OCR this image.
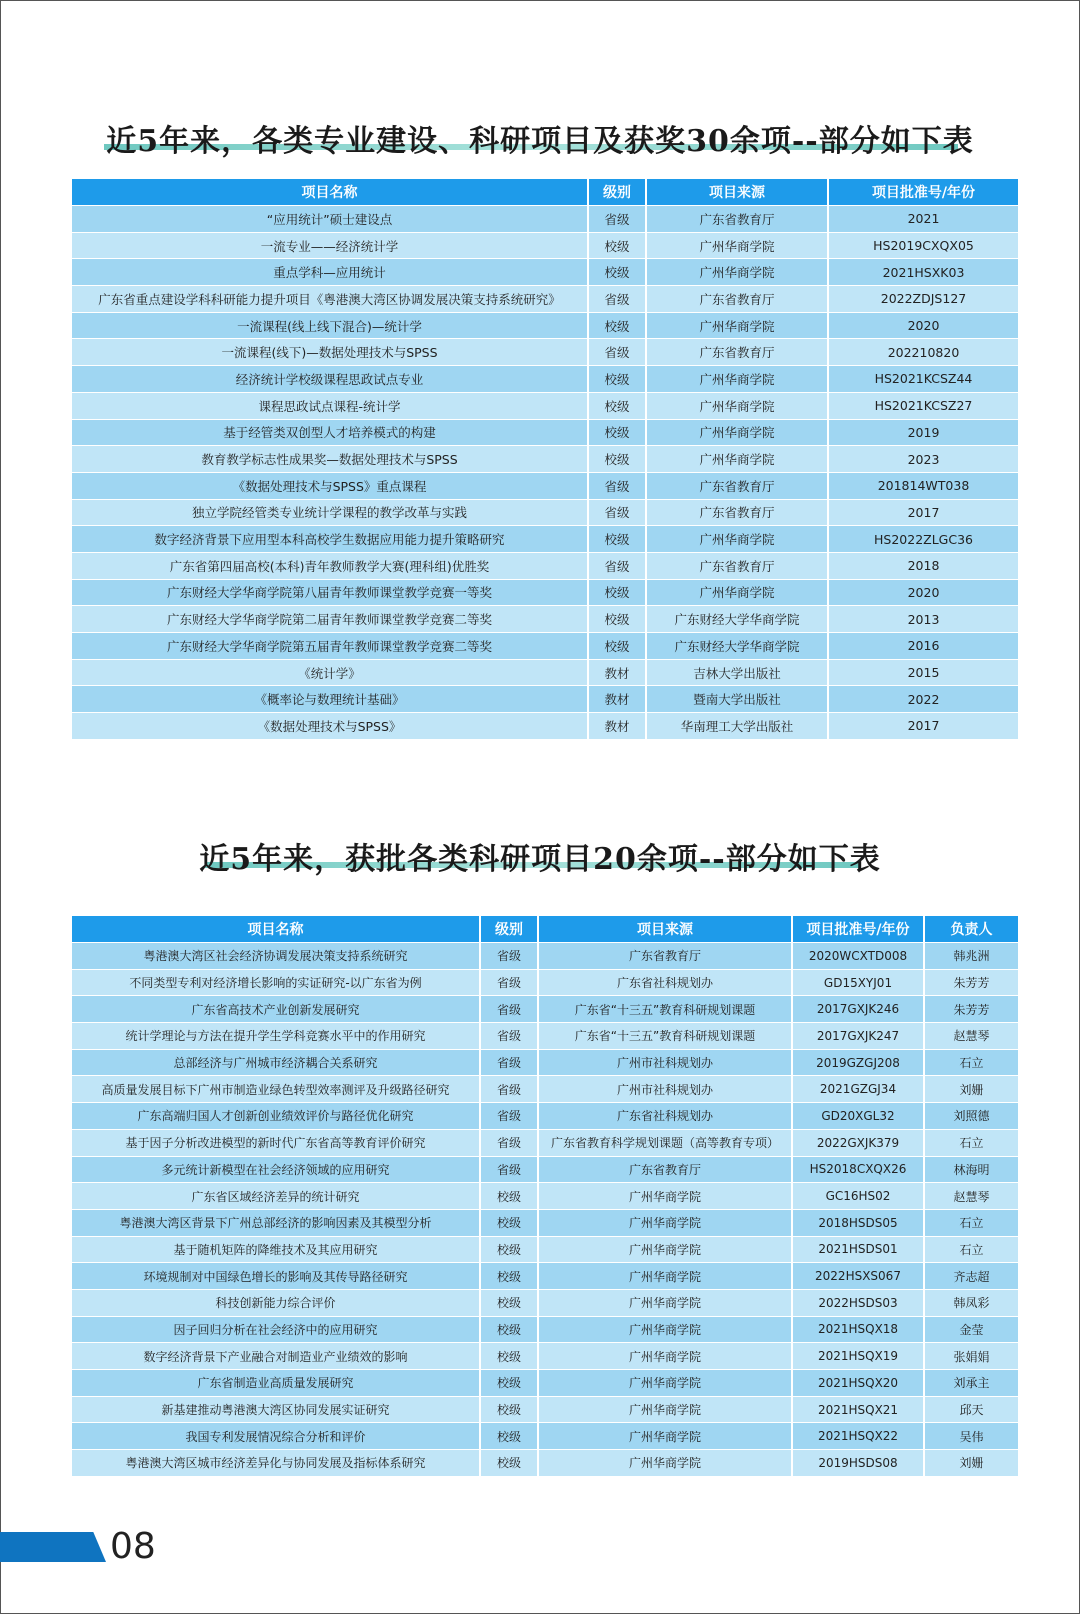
近5年来，各类专业建设、科研项目及获奖30余项--部分如下表
项目名称	级别	项目来源	项目批准号/年份
“应用统计”硕士建设点	省级	广东省教育厅	2021
一流专业——经济统计学	校级	广州华商学院	HS2019CXQX05
重点学科—应用统计	校级	广州华商学院	2021HSXK03
广东省重点建设学科科研能力提升项目《粤港澳大湾区协调发展决策支持系统研究》	省级	广东省教育厅	2022ZDJS127
一流课程(线上线下混合)—统计学	校级	广州华商学院	2020
一流课程(线下)—数据处理技术与SPSS	省级	广东省教育厅	202210820
经济统计学校级课程思政试点专业	校级	广州华商学院	HS2021KCSZ44
课程思政试点课程-统计学	校级	广州华商学院	HS2021KCSZ27
基于经管类双创型人才培养模式的构建	校级	广州华商学院	2019
教育教学标志性成果奖—数据处理技术与SPSS	校级	广州华商学院	2023
《数据处理技术与SPSS》重点课程	省级	广东省教育厅	201814WT038
独立学院经管类专业统计学课程的教学改革与实践	省级	广东省教育厅	2017
数字经济背景下应用型本科高校学生数据应用能力提升策略研究	校级	广州华商学院	HS2022ZLGC36
广东省第四届高校(本科)青年教师教学大赛(理科组)优胜奖	省级	广东省教育厅	2018
广东财经大学华商学院第八届青年教师课堂教学竞赛一等奖	校级	广州华商学院	2020
广东财经大学华商学院第二届青年教师课堂教学竞赛二等奖	校级	广东财经大学华商学院	2013
广东财经大学华商学院第五届青年教师课堂教学竞赛二等奖	校级	广东财经大学华商学院	2016
《统计学》	教材	吉林大学出版社	2015
《概率论与数理统计基础》	教材	暨南大学出版社	2022
《数据处理技术与SPSS》	教材	华南理工大学出版社	2017
近5年来，获批各类科研项目20余项--部分如下表
项目名称	级别	项目来源	项目批准号/年份	负责人
粤港澳大湾区社会经济协调发展决策支持系统研究	省级	广东省教育厅	2020WCXTD008	韩兆洲
不同类型专利对经济增长影响的实证研究-以广东省为例	省级	广东省社科规划办	GD15XYJ01	朱芳芳
广东省高技术产业创新发展研究	省级	广东省“十三五”教育科研规划课题	2017GXJK246	朱芳芳
统计学理论与方法在提升学生学科竞赛水平中的作用研究	省级	广东省“十三五”教育科研规划课题	2017GXJK247	赵慧琴
总部经济与广州城市经济耦合关系研究	省级	广州市社科规划办	2019GZGJ208	石立
高质量发展目标下广州市制造业绿色转型效率测评及升级路径研究	省级	广州市社科规划办	2021GZGJ34	刘姗
广东高端归国人才创新创业绩效评价与路径优化研究	省级	广东省社科规划办	GD20XGL32	刘照德
基于因子分析改进模型的新时代广东省高等教育评价研究	省级	广东省教育科学规划课题（高等教育专项）	2022GXJK379	石立
多元统计新模型在社会经济领域的应用研究	省级	广东省教育厅	HS2018CXQX26	林海明
广东省区域经济差异的统计研究	校级	广州华商学院	GC16HS02	赵慧琴
粤港澳大湾区背景下广州总部经济的影响因素及其模型分析	校级	广州华商学院	2018HSDS05	石立
基于随机矩阵的降维技术及其应用研究	校级	广州华商学院	2021HSDS01	石立
环境规制对中国绿色增长的影响及其传导路径研究	校级	广州华商学院	2022HSXS067	齐志超
科技创新能力综合评价	校级	广州华商学院	2022HSDS03	韩凤彩
因子回归分析在社会经济中的应用研究	校级	广州华商学院	2021HSQX18	金莹
数字经济背景下产业融合对制造业产业绩效的影响	校级	广州华商学院	2021HSQX19	张娟娟
广东省制造业高质量发展研究	校级	广州华商学院	2021HSQX20	刘承主
新基建推动粤港澳大湾区协同发展实证研究	校级	广州华商学院	2021HSQX21	邱天
我国专利发展情况综合分析和评价	校级	广州华商学院	2021HSQX22	吴伟
粤港澳大湾区城市经济差异化与协同发展及指标体系研究	校级	广州华商学院	2019HSDS08	刘姗
08
